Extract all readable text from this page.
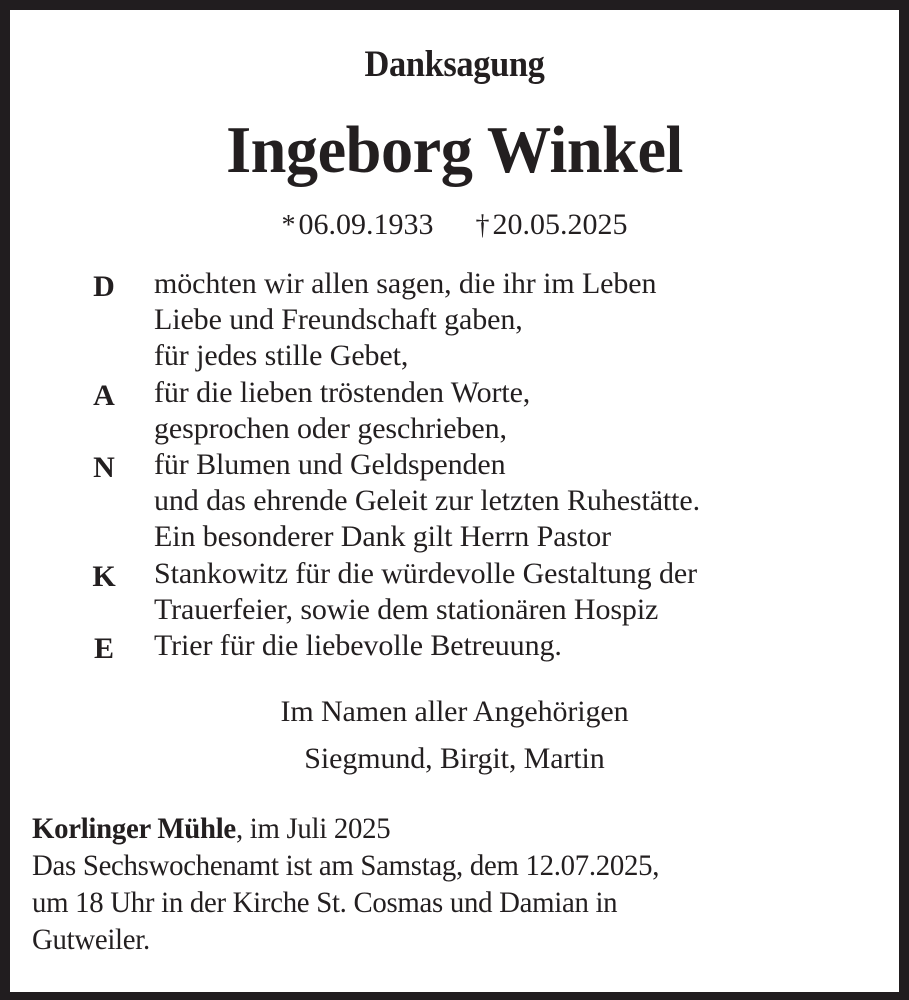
Danksagung
Ingeborg Winkel
* 06.09.1933 † 20.05.2025
D
A
N
K
E
möchten wir allen sagen, die ihr im Leben
Liebe und Freundschaft gaben,
für jedes stille Gebet,
für die lieben tröstenden Worte,
gesprochen oder geschrieben,
für Blumen und Geldspenden
und das ehrende Geleit zur letzten Ruhestätte.
Ein besonderer Dank gilt Herrn Pastor
Stankowitz für die würdevolle Gestaltung der
Trauerfeier, sowie dem stationären Hospiz
Trier für die liebevolle Betreuung.
Im Namen aller Angehörigen
Siegmund, Birgit, Martin
Korlinger Mühle, im Juli 2025
Das Sechswochenamt ist am Samstag, dem 12.07.2025,
um 18 Uhr in der Kirche St. Cosmas und Damian in
Gutweiler.
